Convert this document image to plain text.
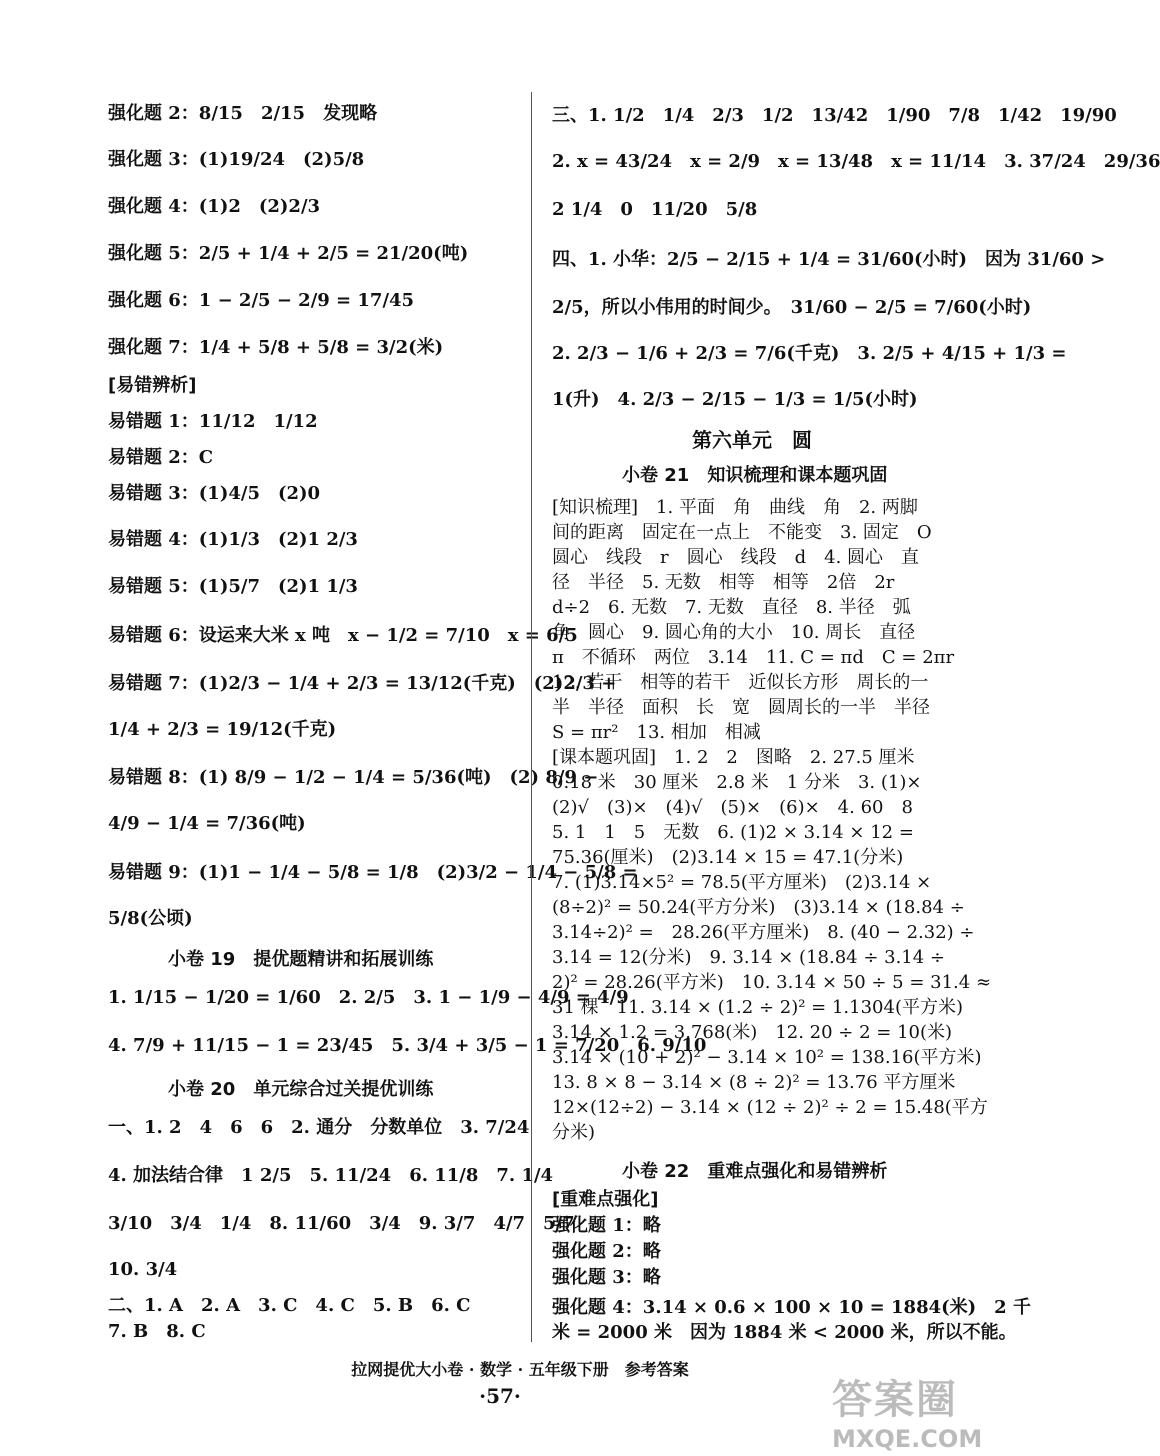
强化题 2：8/15　2/15　发现略
强化题 3：(1)19/24　(2)5/8
强化题 4：(1)2　(2)2/3
强化题 5：2/5 + 1/4 + 2/5 = 21/20(吨)
强化题 6：1 − 2/5 − 2/9 = 17/45
强化题 7：1/4 + 5/8 + 5/8 = 3/2(米)
[易错辨析]
易错题 1：11/12　1/12
易错题 2：C
易错题 3：(1)4/5　(2)0
易错题 4：(1)1/3　(2)1 2/3
易错题 5：(1)5/7　(2)1 1/3
易错题 6：设运来大米 x 吨　x − 1/2 = 7/10　x = 6/5
易错题 7：(1)2/3 − 1/4 + 2/3 = 13/12(千克)　(2)2/3 +
1/4 + 2/3 = 19/12(千克)
易错题 8：(1) 8/9 − 1/2 − 1/4 = 5/36(吨)　(2) 8/9 −
4/9 − 1/4 = 7/36(吨)
易错题 9：(1)1 − 1/4 − 5/8 = 1/8　(2)3/2 − 1/4 − 5/8 =
5/8(公顷)
小卷 19　提优题精讲和拓展训练
1. 1/15 − 1/20 = 1/60　2. 2/5　3. 1 − 1/9 − 4/9 = 4/9
4. 7/9 + 11/15 − 1 = 23/45　5. 3/4 + 3/5 − 1 = 7/20　6. 9/10
小卷 20　单元综合过关提优训练
一、1. 2　4　6　6　2. 通分　分数单位　3. 7/24
4. 加法结合律　1 2/5　5. 11/24　6. 11/8　7. 1/4
3/10　3/4　1/4　8. 11/60　3/4　9. 3/7　4/7　5/7
10. 3/4
二、1. A　2. A　3. C　4. C　5. B　6. C
7. B　8. C
三、1. 1/2　1/4　2/3　1/2　13/42　1/90　7/8　1/42　19/90
2. x = 43/24　x = 2/9　x = 13/48　x = 11/14　3. 37/24　29/36
2 1/4　0　11/20　5/8
四、1. 小华：2/5 − 2/15 + 1/4 = 31/60(小时)　因为 31/60 >
2/5，所以小伟用的时间少。　31/60 − 2/5 = 7/60(小时)
2. 2/3 − 1/6 + 2/3 = 7/6(千克)　3. 2/5 + 4/15 + 1/3 =
1(升)　4. 2/3 − 2/15 − 1/3 = 1/5(小时)
第六单元　圆
小卷 21　知识梳理和课本题巩固
[知识梳理]　1. 平面　角　曲线　角　2. 两脚
间的距离　固定在一点上　不能变　3. 固定　O
圆心　线段　r　圆心　线段　d　4. 圆心　直
径　半径　5. 无数　相等　相等　2倍　2r
d÷2　6. 无数　7. 无数　直径　8. 半径　弧
角　圆心　9. 圆心角的大小　10. 周长　直径
π　不循环　两位　3.14　11. C = πd　C = 2πr
12. 若干　相等的若干　近似长方形　周长的一
半　半径　面积　长　宽　圆周长的一半　半径
S = πr²　13. 相加　相减
[课本题巩固]　1. 2　2　图略　2. 27.5 厘米
0.18 米　30 厘米　2.8 米　1 分米　3. (1)×
(2)√　(3)×　(4)√　(5)×　(6)×　4. 60　8
5. 1　1　5　无数　6. (1)2 × 3.14 × 12 =
75.36(厘米)　(2)3.14 × 15 = 47.1(分米)
7. (1)3.14×5² = 78.5(平方厘米)　(2)3.14 ×
(8÷2)² = 50.24(平方分米)　(3)3.14 × (18.84 ÷
3.14÷2)² =　28.26(平方厘米)　8. (40 − 2.32) ÷
3.14 = 12(分米)　9. 3.14 × (18.84 ÷ 3.14 ÷
2)² = 28.26(平方米)　10. 3.14 × 50 ÷ 5 = 31.4 ≈
31 棵　11. 3.14 × (1.2 ÷ 2)² = 1.1304(平方米)
3.14 × 1.2 = 3.768(米)　12. 20 ÷ 2 = 10(米)
3.14 × (10 + 2)² − 3.14 × 10² = 138.16(平方米)
13. 8 × 8 − 3.14 × (8 ÷ 2)² = 13.76 平方厘米
12×(12÷2) − 3.14 × (12 ÷ 2)² ÷ 2 = 15.48(平方
分米)
小卷 22　重难点强化和易错辨析
[重难点强化]
强化题 1：略
强化题 2：略
强化题 3：略
强化题 4：3.14 × 0.6 × 100 × 10 = 1884(米)　2 千
米 = 2000 米　因为 1884 米 < 2000 米，所以不能。
拉网提优大小卷 · 数学 · 五年级下册　参考答案
·57·	答案圈
MXQE.COM
